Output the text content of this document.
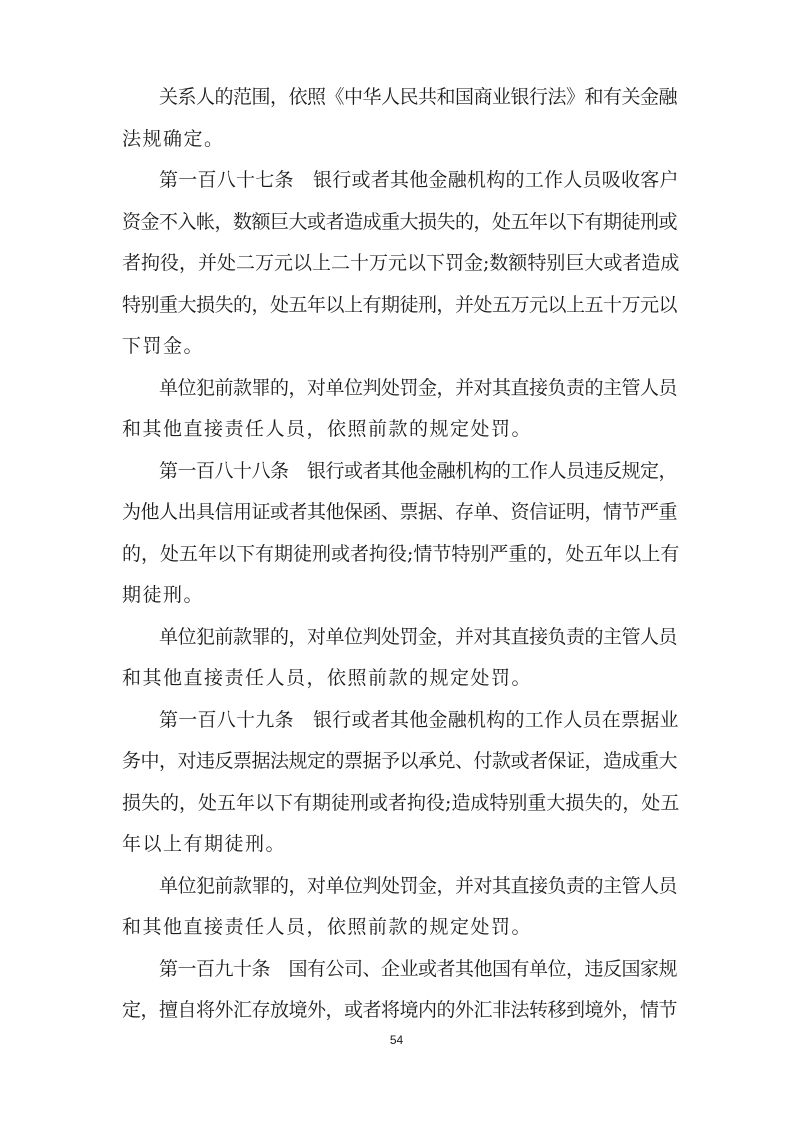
关系人的范围，依照《中华人民共和国商业银行法》和有关金融
法规确定。
第一百八十七条　银行或者其他金融机构的工作人员吸收客户
资金不入帐，数额巨大或者造成重大损失的，处五年以下有期徒刑或
者拘役，并处二万元以上二十万元以下罚金;数额特别巨大或者造成
特别重大损失的，处五年以上有期徒刑，并处五万元以上五十万元以
下罚金。
单位犯前款罪的，对单位判处罚金，并对其直接负责的主管人员
和其他直接责任人员，依照前款的规定处罚。
第一百八十八条　银行或者其他金融机构的工作人员违反规定，
为他人出具信用证或者其他保函、票据、存单、资信证明，情节严重
的，处五年以下有期徒刑或者拘役;情节特别严重的，处五年以上有
期徒刑。
单位犯前款罪的，对单位判处罚金，并对其直接负责的主管人员
和其他直接责任人员，依照前款的规定处罚。
第一百八十九条　银行或者其他金融机构的工作人员在票据业
务中，对违反票据法规定的票据予以承兑、付款或者保证，造成重大
损失的，处五年以下有期徒刑或者拘役;造成特别重大损失的，处五
年以上有期徒刑。
单位犯前款罪的，对单位判处罚金，并对其直接负责的主管人员
和其他直接责任人员，依照前款的规定处罚。
第一百九十条　国有公司、企业或者其他国有单位，违反国家规
定，擅自将外汇存放境外，或者将境内的外汇非法转移到境外，情节
54
